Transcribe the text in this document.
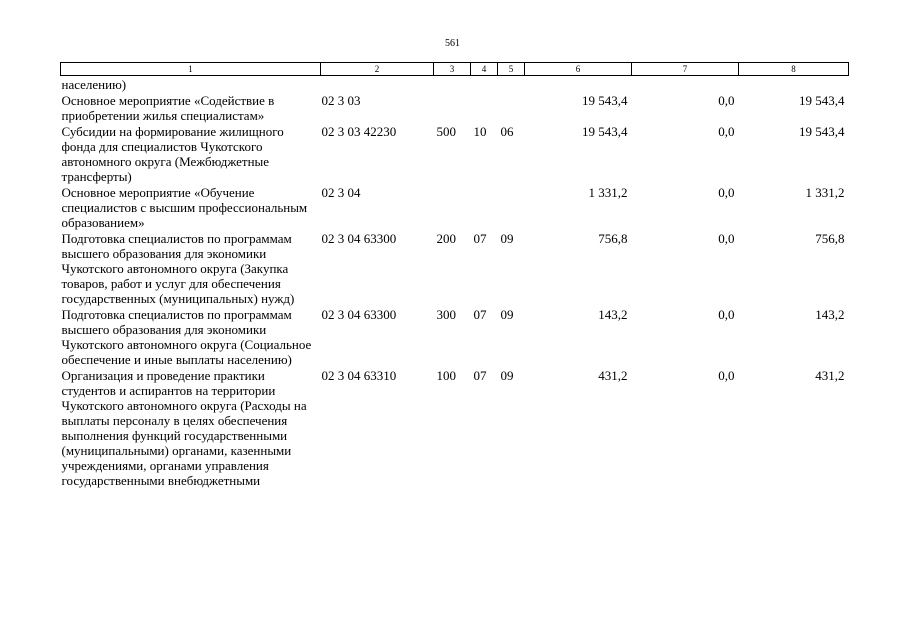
561
1	2	3	4	5	6	7	8
населению)							
Основное мероприятие «Содействие в приобретении жилья специалистам»	02 3 03				19 543,4	0,0	19 543,4
Субсидии на формирование жилищного фонда для специалистов Чукотского автономного округа (Межбюджетные трансферты)	02 3 03 42230	500	10	06	19 543,4	0,0	19 543,4
Основное мероприятие «Обучение специалистов с высшим профессиональным образованием»	02 3 04				1 331,2	0,0	1 331,2
Подготовка специалистов по программам высшего образования для экономики Чукотского автономного округа (Закупка товаров, работ и услуг для обеспечения государственных (муниципальных) нужд)	02 3 04 63300	200	07	09	756,8	0,0	756,8
Подготовка специалистов по программам высшего образования для экономики Чукотского автономного округа (Социальное обеспечение и иные выплаты населению)	02 3 04 63300	300	07	09	143,2	0,0	143,2
Организация и проведение практики студентов и аспирантов на территории Чукотского автономного округа (Расходы на выплаты персоналу в целях обеспечения выполнения функций государственными (муниципальными) органами, казенными учреждениями, органами управления государственными внебюджетными	02 3 04 63310	100	07	09	431,2	0,0	431,2
